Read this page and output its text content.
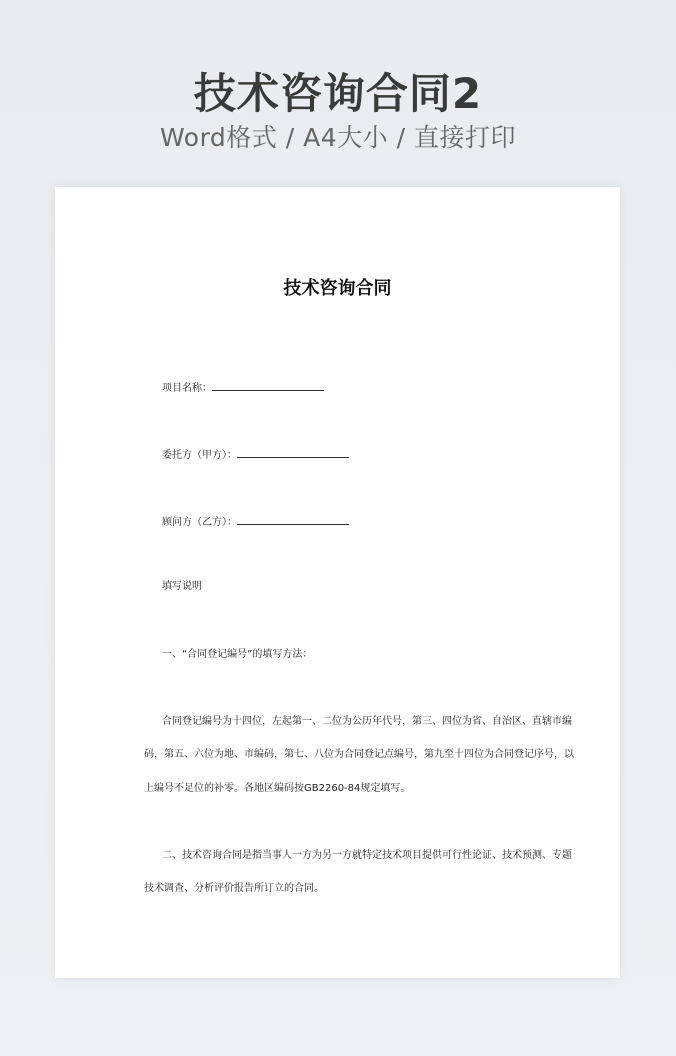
技术咨询合同2
Word格式 / A4大小 / 直接打印
技术咨询合同
项目名称：
委托方（甲方）：
顾问方（乙方）：
填写说明
一、“合同登记编号”的填写方法：
合同登记编号为十四位，左起第一、二位为公历年代号，第三、四位为省、自治区、直辖市编
码，第五、六位为地、市编码，第七、八位为合同登记点编号，第九至十四位为合同登记序号，以
上编号不足位的补零。各地区编码按GB2260-84规定填写。
二、技术咨询合同是指当事人一方为另一方就特定技术项目提供可行性论证、技术预测、专题
技术调查、分析评价报告所订立的合同。
